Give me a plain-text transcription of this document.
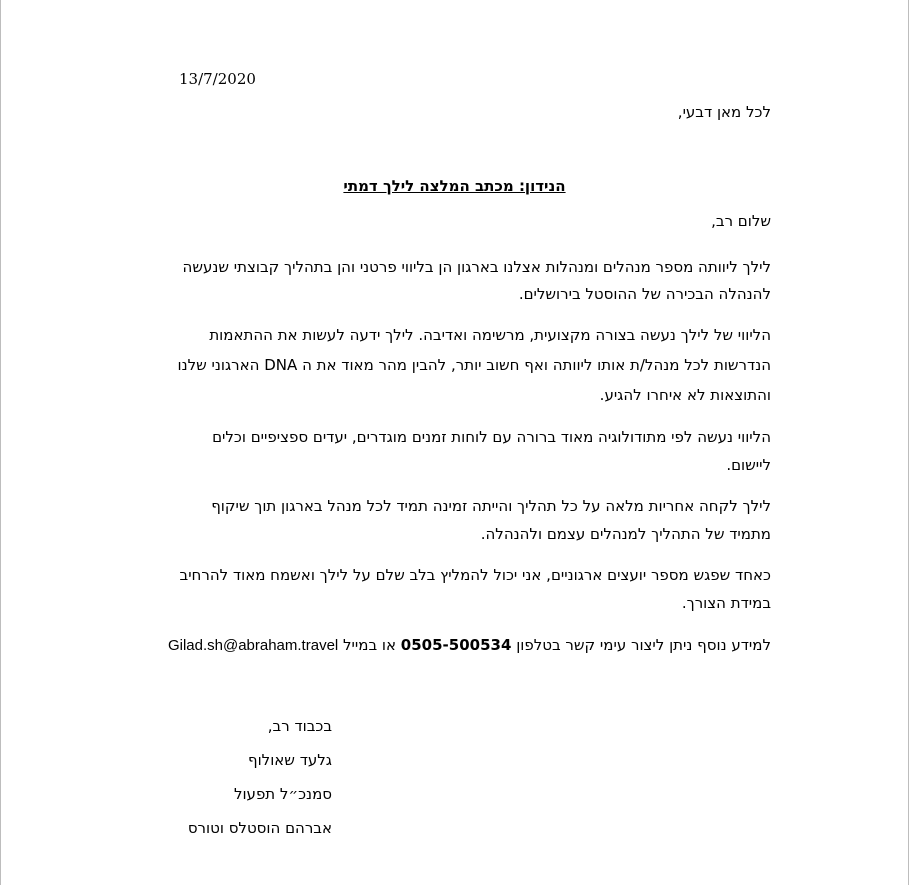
13/7/2020
לכל מאן דבעי,
הנידון: מכתב המלצה לילך דמתי
שלום רב,
לילך ליוותה מספר מנהלים ומנהלות אצלנו בארגון הן בליווי פרטני והן בתהליך קבוצתי שנעשה
להנהלה הבכירה של ההוסטל בירושלים.
הליווי של לילך נעשה בצורה מקצועית, מרשימה ואדיבה. לילך ידעה לעשות את ההתאמות
הנדרשות לכל מנהל/ת אותו ליוותה ואף חשוב יותר, להבין מהר מאוד את ה DNA הארגוני שלנו
והתוצאות לא איחרו להגיע.
הליווי נעשה לפי מתודולוגיה מאוד ברורה עם לוחות זמנים מוגדרים, יעדים ספציפיים וכלים
ליישום.
לילך לקחה אחריות מלאה על כל תהליך והייתה זמינה תמיד לכל מנהל בארגון תוך שיקוף
מתמיד של התהליך למנהלים עצמם ולהנהלה.
כאחד שפגש מספר יועצים ארגוניים, אני יכול להמליץ בלב שלם על לילך ואשמח מאוד להרחיב
במידת הצורך.
למידע נוסף ניתן ליצור עימי קשר בטלפון 0505-500534 או במייל Gilad.sh@abraham.travel
בכבוד רב,
גלעד שאולוף
סמנכ״ל תפעול
אברהם הוסטלס וטורס
